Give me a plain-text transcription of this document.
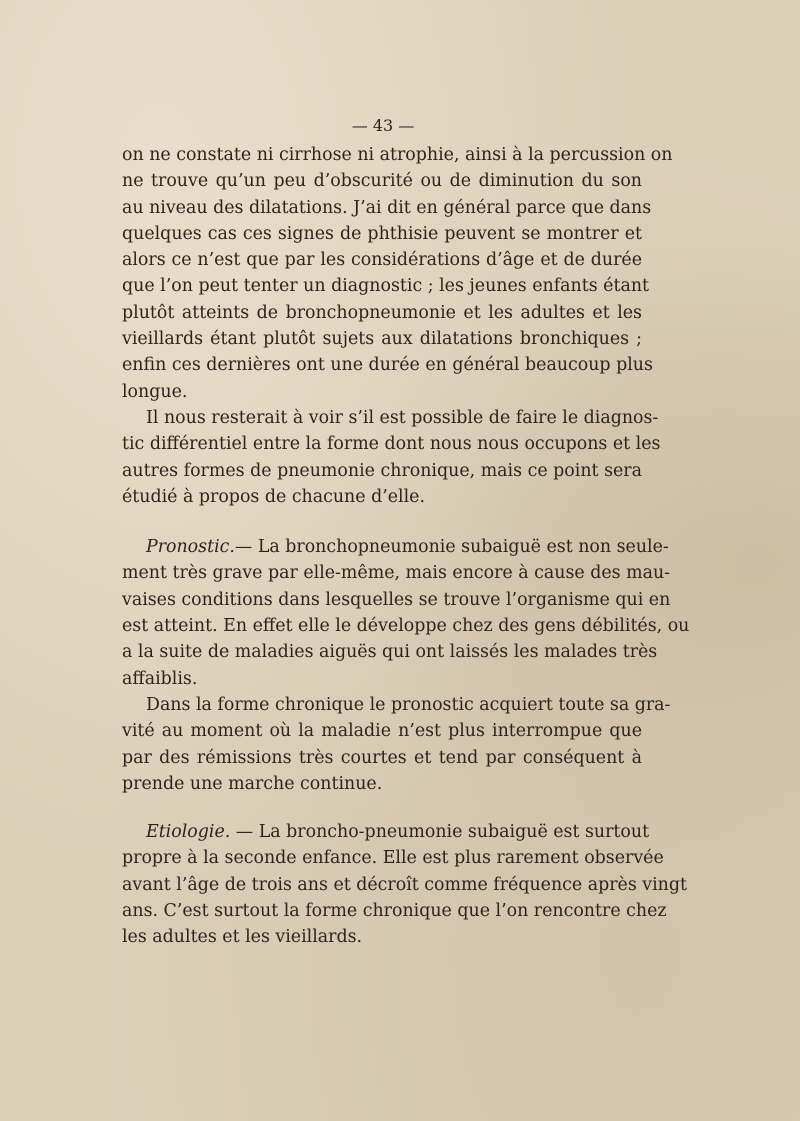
— 43 —
on ne constate ni cirrhose ni atrophie, ainsi à la percussion on
ne trouve qu’un peu d’obscurité ou de diminution du son
au niveau des dilatations. J’ai dit en général parce que dans
quelques cas ces signes de phthisie peuvent se montrer et
alors ce n’est que par les considérations d’âge et de durée
que l’on peut tenter un diagnostic ; les jeunes enfants étant
plutôt atteints de bronchopneumonie et les adultes et les
vieillards étant plutôt sujets aux dilatations bronchiques ;
enfin ces dernières ont une durée en général beaucoup plus
longue.
Il nous resterait à voir s’il est possible de faire le diagnos-
tic différentiel entre la forme dont nous nous occupons et les
autres formes de pneumonie chronique, mais ce point sera
étudié à propos de chacune d’elle.
Pronostic.— La bronchopneumonie subaiguë est non seule-
ment très grave par elle-même, mais encore à cause des mau-
vaises conditions dans lesquelles se trouve l’organisme qui en
est atteint. En effet elle le développe chez des gens débilités, ou
a la suite de maladies aiguës qui ont laissés les malades très
affaiblis.
Dans la forme chronique le pronostic acquiert toute sa gra-
vité au moment où la maladie n’est plus interrompue que
par des rémissions très courtes et tend par conséquent à
prende une marche continue.
Etiologie. — La broncho-pneumonie subaiguë est surtout
propre à la seconde enfance. Elle est plus rarement observée
avant l’âge de trois ans et décroît comme fréquence après vingt
ans. C’est surtout la forme chronique que l’on rencontre chez
les adultes et les vieillards.
